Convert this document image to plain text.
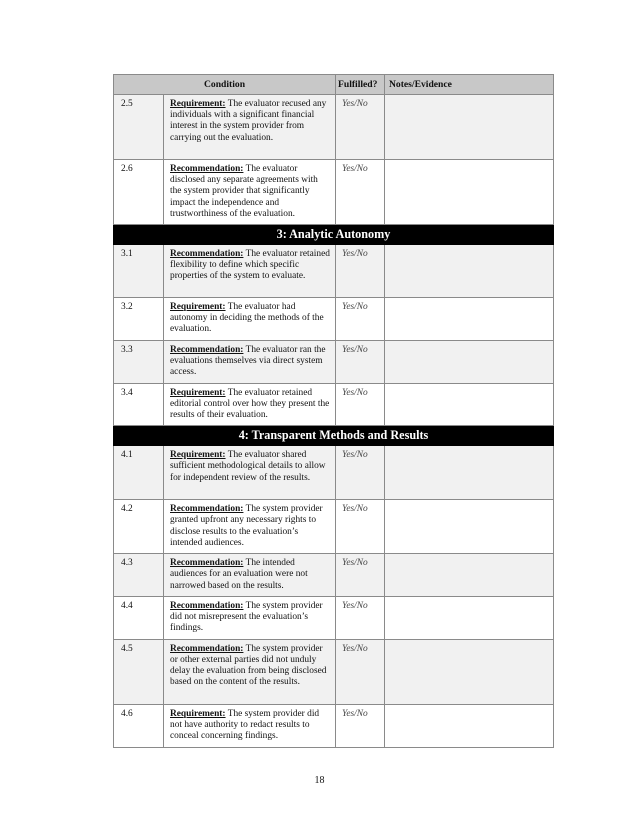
Condition		Fulfilled?	Notes/Evidence
2.5	Requirement: The evaluator recused any individuals with a significant financial interest in the system provider from carrying out the evaluation.	Yes/No	
2.6	Recommendation: The evaluator disclosed any separate agreements with the system provider that significantly impact the independence and trustworthiness of the evaluation.	Yes/No	
3: Analytic Autonomy			
3.1	Recommendation: The evaluator retained flexibility to define which specific properties of the system to evaluate.	Yes/No	
3.2	Requirement: The evaluator had autonomy in deciding the methods of the evaluation.	Yes/No	
3.3	Recommendation: The evaluator ran the evaluations themselves via direct system access.	Yes/No	
3.4	Requirement: The evaluator retained editorial control over how they present the results of their evaluation.	Yes/No	
4: Transparent Methods and Results			
4.1	Requirement: The evaluator shared sufficient methodological details to allow for independent review of the results.	Yes/No	
4.2	Recommendation: The system provider granted upfront any necessary rights to disclose results to the evaluation’s intended audiences.	Yes/No	
4.3	Recommendation: The intended audiences for an evaluation were not narrowed based on the results.	Yes/No	
4.4	Recommendation: The system provider did not misrepresent the evaluation’s findings.	Yes/No	
4.5	Recommendation: The system provider or other external parties did not unduly delay the evaluation from being disclosed based on the content of the results.	Yes/No	
4.6	Requirement: The system provider did not have authority to redact results to conceal concerning findings.	Yes/No	
18
